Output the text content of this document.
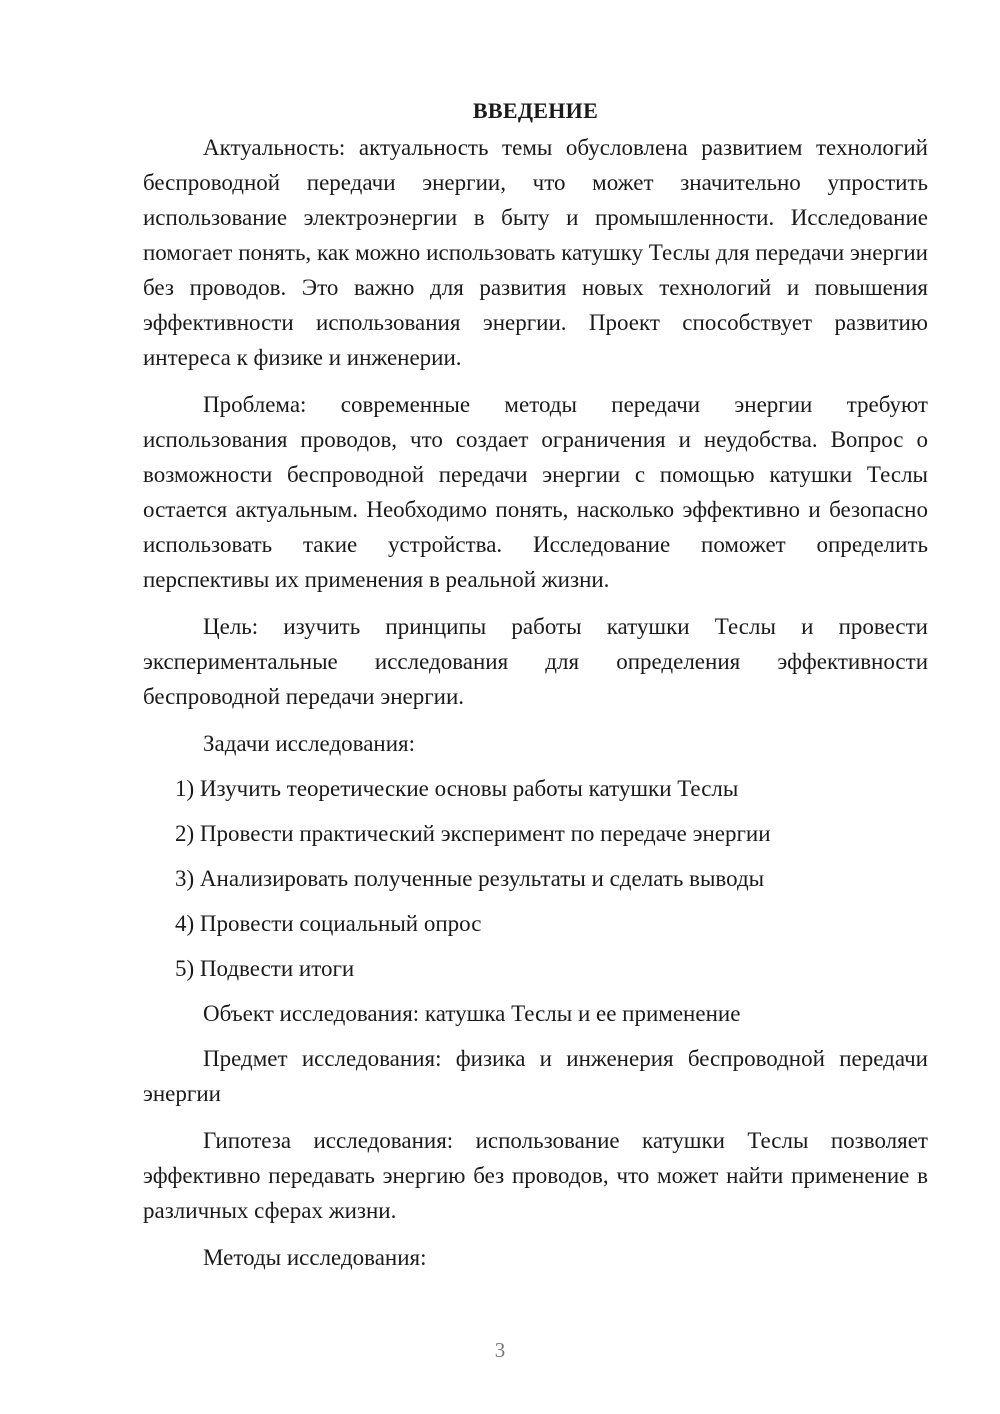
ВВЕДЕНИЕ

Актуальность: актуальность темы обусловлена развитием технологий беспроводной передачи энергии, что может значительно упростить использование электроэнергии в быту и промышленности. Исследование помогает понять, как можно использовать катушку Теслы для передачи энергии без проводов. Это важно для развития новых технологий и повышения эффективности использования энергии. Проект способствует развитию интереса к физике и инженерии.

Проблема: современные методы передачи энергии требуют использования проводов, что создает ограничения и неудобства. Вопрос о возможности беспроводной передачи энергии с помощью катушки Теслы остается актуальным. Необходимо понять, насколько эффективно и безопасно использовать такие устройства. Исследование поможет определить перспективы их применения в реальной жизни.

Цель: изучить принципы работы катушки Теслы и провести экспериментальные исследования для определения эффективности беспроводной передачи энергии.

Задачи исследования:

1) Изучить теоретические основы работы катушки Теслы
2) Провести практический эксперимент по передаче энергии
3) Анализировать полученные результаты и сделать выводы
4) Провести социальный опрос
5) Подвести итоги

Объект исследования: катушка Теслы и ее применение

Предмет исследования: физика и инженерия беспроводной передачи энергии

Гипотеза исследования: использование катушки Теслы позволяет эффективно передавать энергию без проводов, что может найти применение в различных сферах жизни.

Методы исследования:

3
